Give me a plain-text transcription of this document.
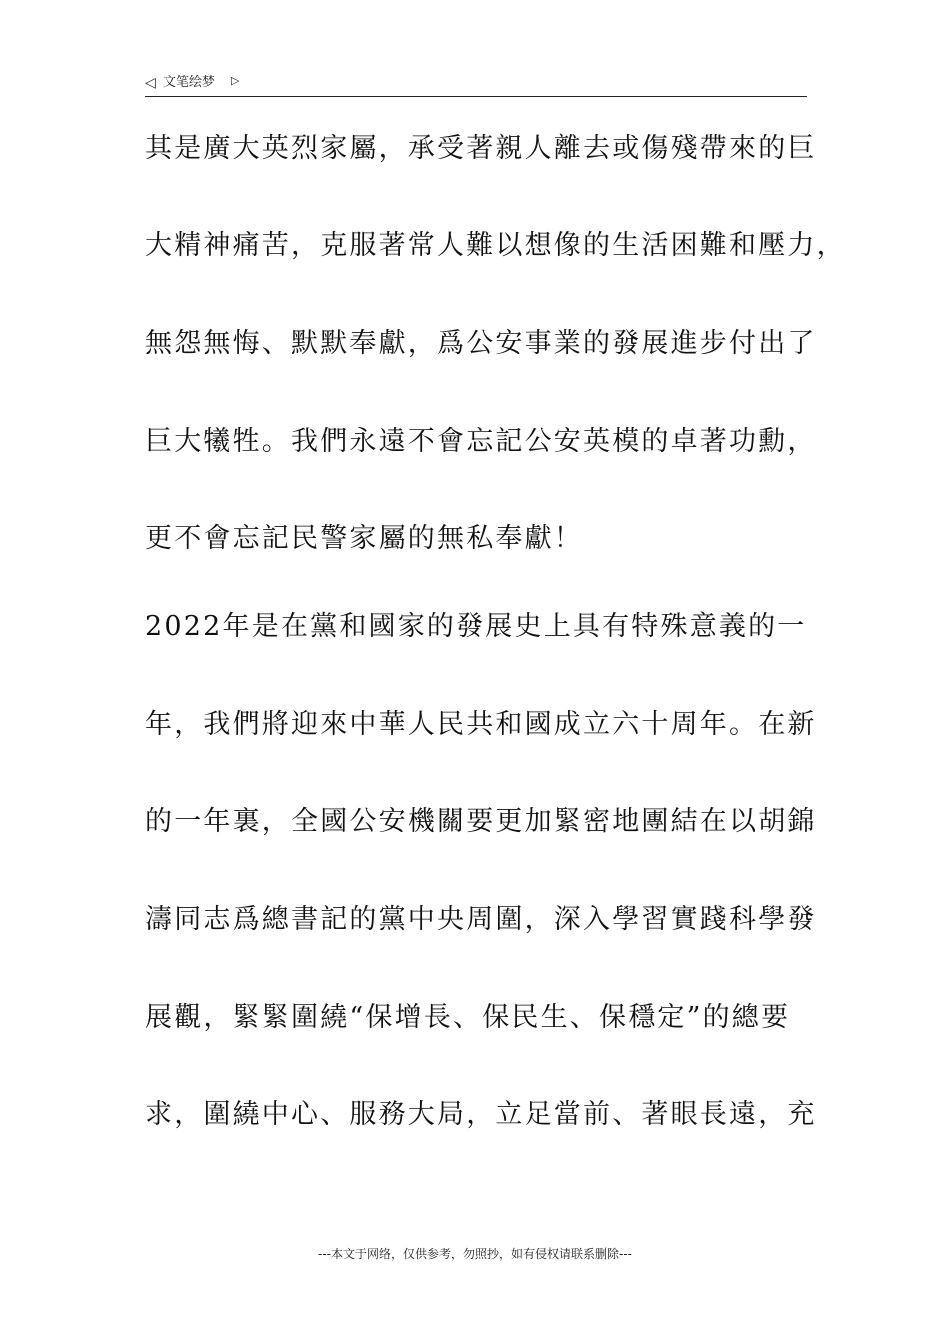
◁ 文笔绘梦 ▷
其是廣大英烈家屬，承受著親人離去或傷殘帶來的巨
大精神痛苦，克服著常人難以想像的生活困難和壓力，
無怨無悔、默默奉獻，爲公安事業的發展進步付出了
巨大犧牲。我們永遠不會忘記公安英模的卓著功勳，
更不會忘記民警家屬的無私奉獻！
2022年是在黨和國家的發展史上具有特殊意義的一
年，我們將迎來中華人民共和國成立六十周年。在新
的一年裏，全國公安機關要更加緊密地團結在以胡錦
濤同志爲總書記的黨中央周圍，深入學習實踐科學發
展觀，緊緊圍繞“保增長、保民生、保穩定”的總要
求，圍繞中心、服務大局，立足當前、著眼長遠，充
---本文于网络，仅供参考，勿照抄，如有侵权请联系删除---
